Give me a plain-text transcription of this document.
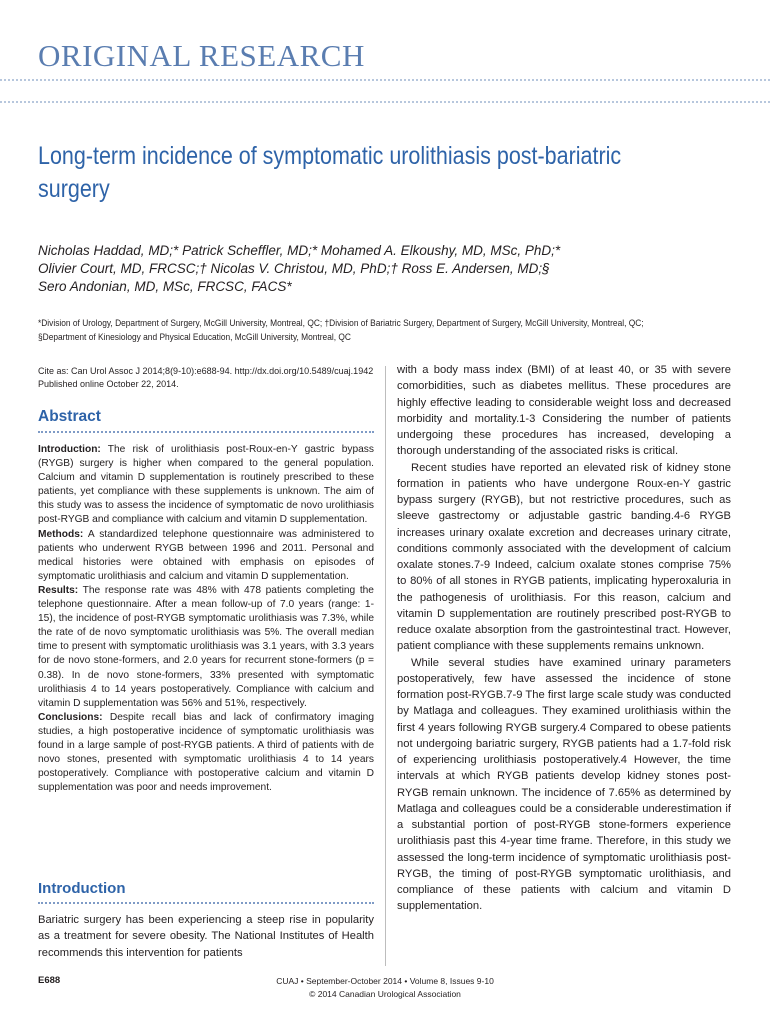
ORIGINAL RESEARCH
Long-term incidence of symptomatic urolithiasis post-bariatric surgery
Nicholas Haddad, MD;* Patrick Scheffler, MD;* Mohamed A. Elkoushy, MD, MSc, PhD;*
Olivier Court, MD, FRCSC;† Nicolas V. Christou, MD, PhD;† Ross E. Andersen, MD;§
Sero Andonian, MD, MSc, FRCSC, FACS*
*Division of Urology, Department of Surgery, McGill University, Montreal, QC; †Division of Bariatric Surgery, Department of Surgery, McGill University, Montreal, QC; §Department of Kinesiology and Physical Education, McGill University, Montreal, QC
Cite as: Can Urol Assoc J 2014;8(9-10):e688-94. http://dx.doi.org/10.5489/cuaj.1942
Published online October 22, 2014.
Abstract

Introduction: The risk of urolithiasis post-Roux-en-Y gastric bypass (RYGB) surgery is higher when compared to the general population. Calcium and vitamin D supplementation is routinely prescribed to these patients, yet compliance with these supplements is unknown. The aim of this study was to assess the incidence of symptomatic de novo urolithiasis post-RYGB and compliance with calcium and vitamin D supplementation.

Methods: A standardized telephone questionnaire was administered to patients who underwent RYGB between 1996 and 2011. Personal and medical histories were obtained with emphasis on episodes of symptomatic urolithiasis and calcium and vitamin D supplementation.

Results: The response rate was 48% with 478 patients completing the telephone questionnaire. After a mean follow-up of 7.0 years (range: 1-15), the incidence of post-RYGB symptomatic urolithiasis was 7.3%, while the rate of de novo symptomatic urolithiasis was 5%. The overall median time to present with symptomatic urolithiasis was 3.1 years, with 3.3 years for de novo stone-formers, and 2.0 years for recurrent stone-formers (p = 0.38). In de novo stone-formers, 33% presented with symptomatic urolithiasis 4 to 14 years postoperatively. Compliance with calcium and vitamin D supplementation was 56% and 51%, respectively.

Conclusions: Despite recall bias and lack of confirmatory imaging studies, a high postoperative incidence of symptomatic urolithiasis was found in a large sample of post-RYGB patients. A third of patients with de novo stones, presented with symptomatic urolithiasis 4 to 14 years postoperatively. Compliance with postoperative calcium and vitamin D supplementation was poor and needs improvement.

Introduction

Bariatric surgery has been experiencing a steep rise in popularity as a treatment for severe obesity. The National Institutes of Health recommends this intervention for patients

with a body mass index (BMI) of at least 40, or 35 with severe comorbidities, such as diabetes mellitus. These procedures are highly effective leading to considerable weight loss and decreased morbidity and mortality.1-3 Considering the number of patients undergoing these procedures has increased, developing a thorough understanding of the associated risks is critical.

Recent studies have reported an elevated risk of kidney stone formation in patients who have undergone Roux-en-Y gastric bypass surgery (RYGB), but not restrictive procedures, such as sleeve gastrectomy or adjustable gastric banding.4-6 RYGB increases urinary oxalate excretion and decreases urinary citrate, conditions commonly associated with the development of calcium oxalate stones.7-9 Indeed, calcium oxalate stones comprise 75% to 80% of all stones in RYGB patients, implicating hyperoxaluria in the pathogenesis of urolithiasis. For this reason, calcium and vitamin D supplementation are routinely prescribed post-RYGB to reduce oxalate absorption from the gastrointestinal tract. However, patient compliance with these supplements remains unknown.

While several studies have examined urinary parameters postoperatively, few have assessed the incidence of stone formation post-RYGB.7-9 The first large scale study was conducted by Matlaga and colleagues. They examined urolithiasis within the first 4 years following RYGB surgery.4 Compared to obese patients not undergoing bariatric surgery, RYGB patients had a 1.7-fold risk of experiencing urolithiasis postoperatively.4 However, the time intervals at which RYGB patients develop kidney stones post-RYGB remain unknown. The incidence of 7.65% as determined by Matlaga and colleagues could be a considerable underestimation if a substantial portion of post-RYGB stone-formers experience urolithiasis past this 4-year time frame. Therefore, in this study we assessed the long-term incidence of symptomatic urolithiasis post-RYGB, the timing of post-RYGB symptomatic urolithiasis, and compliance of these patients with calcium and vitamin D supplementation.

E688	CUAJ • September-October 2014 • Volume 8, Issues 9-10
© 2014 Canadian Urological Association
